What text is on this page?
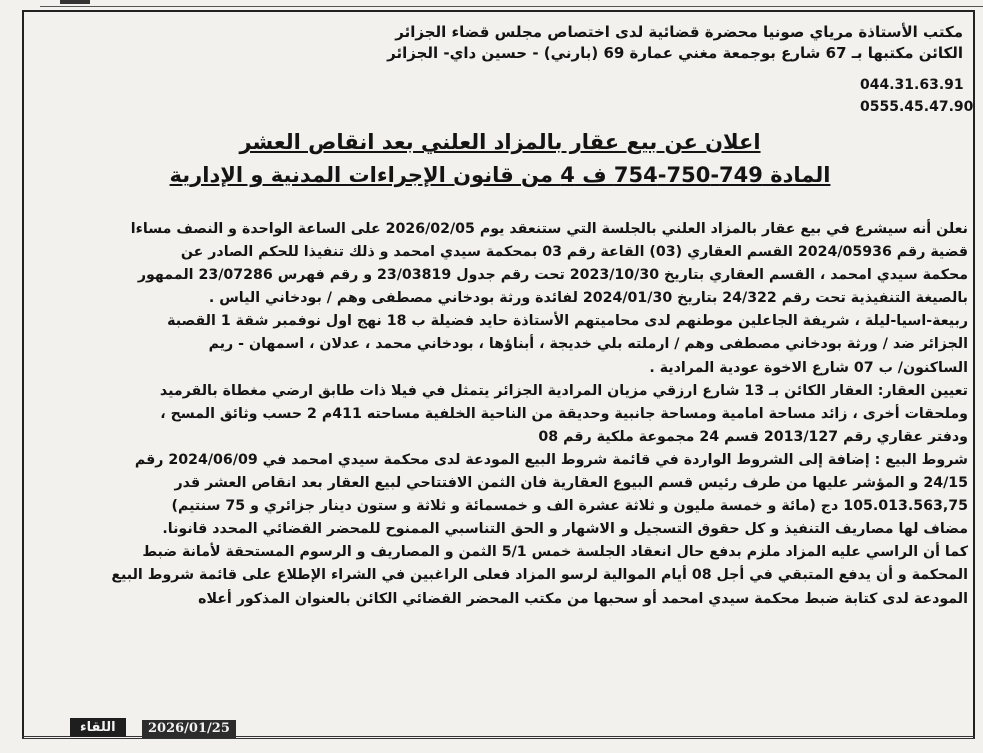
مكتب الأستاذة مرياي صونيا محضرة قضائية لدى اختصاص مجلس قضاء الجزائر
الكائن مكتبها بـ 67 شارع بوجمعة مغني عمارة 69 (بارني) - حسين داي- الجزائر
044.31.63.91
0555.45.47.90
اعلان عن بيع عقار بالمزاد العلني بعد انقاص العشر
المادة 749-750-754 ف 4 من قانون الإجراءات المدنية و الإدارية
نعلن أنه سيشرع في بيع عقار بالمزاد العلني بالجلسة التي ستنعقد يوم 2026/02/05 على الساعة الواحدة و النصف مساءا
قضية رقم 2024/05936 القسم العقاري (03) القاعة رقم 03 بمحكمة سيدي امحمد و ذلك تنفيذا للحكم الصادر عن
محكمة سيدي امحمد ، القسم العقاري بتاريخ 2023/10/30 تحت رقم جدول 23/03819 و رقم فهرس 23/07286 الممهور
بالصيغة التنفيذية تحت رقم 24/322 بتاريخ 2024/01/30 لفائدة ورثة بودخاني مصطفى وهم / بودخاني الياس .
ربيعة-اسيا-ليلة ، شريفة الجاعلين موطنهم لدى محاميتهم الأستاذة حايد فضيلة ب 18 نهج اول نوفمبر شقة 1 القصبة
الجزائر ضد / ورثة بودخاني مصطفى وهم / ارملته بلي خديجة ، أبناؤها ، بودخاني محمد ، عدلان ، اسمهان - ريم
الساكنون/ ب 07 شارع الاخوة عودية المرادية .
تعيين العقار: العقار الكائن بـ 13 شارع ارزقي مزيان المرادية الجزائر يتمثل في فيلا ذات طابق ارضي مغطاة بالقرميد
وملحقات أخرى ، زائد مساحة امامية ومساحة جانبية وحديقة من الناحية الخلفية مساحته 411م 2 حسب وثائق المسح ،
ودفتر عقاري رقم 2013/127 قسم 24 مجموعة ملكية رقم 08
شروط البيع : إضافة إلى الشروط الواردة في قائمة شروط البيع المودعة لدى محكمة سيدي امحمد في 2024/06/09 رقم
24/15 و المؤشر عليها من طرف رئيس قسم البيوع العقارية فان الثمن الافتتاحي لبيع العقار بعد انقاص العشر قدر
105.013.563,75 دج (مائة و خمسة مليون و ثلاثة عشرة الف و خمسمائة و ثلاثة و ستون دينار جزائري و 75 سنتيم)
مضاف لها مصاريف التنفيذ و كل حقوق التسجيل و الاشهار و الحق التناسبي الممنوح للمحضر القضائي المحدد قانونا.
كما أن الراسي عليه المزاد ملزم بدفع حال انعقاد الجلسة خمس 5/1 الثمن و المصاريف و الرسوم المستحقة لأمانة ضبط
المحكمة و أن يدفع المتبقي في أجل 08 أيام الموالية لرسو المزاد فعلى الراغبين في الشراء الإطلاع على قائمة شروط البيع
المودعة لدى كتابة ضبط محكمة سيدي امحمد أو سحبها من مكتب المحضر القضائي الكائن بالعنوان المذكور أعلاه
اللقاء	2026/01/25
